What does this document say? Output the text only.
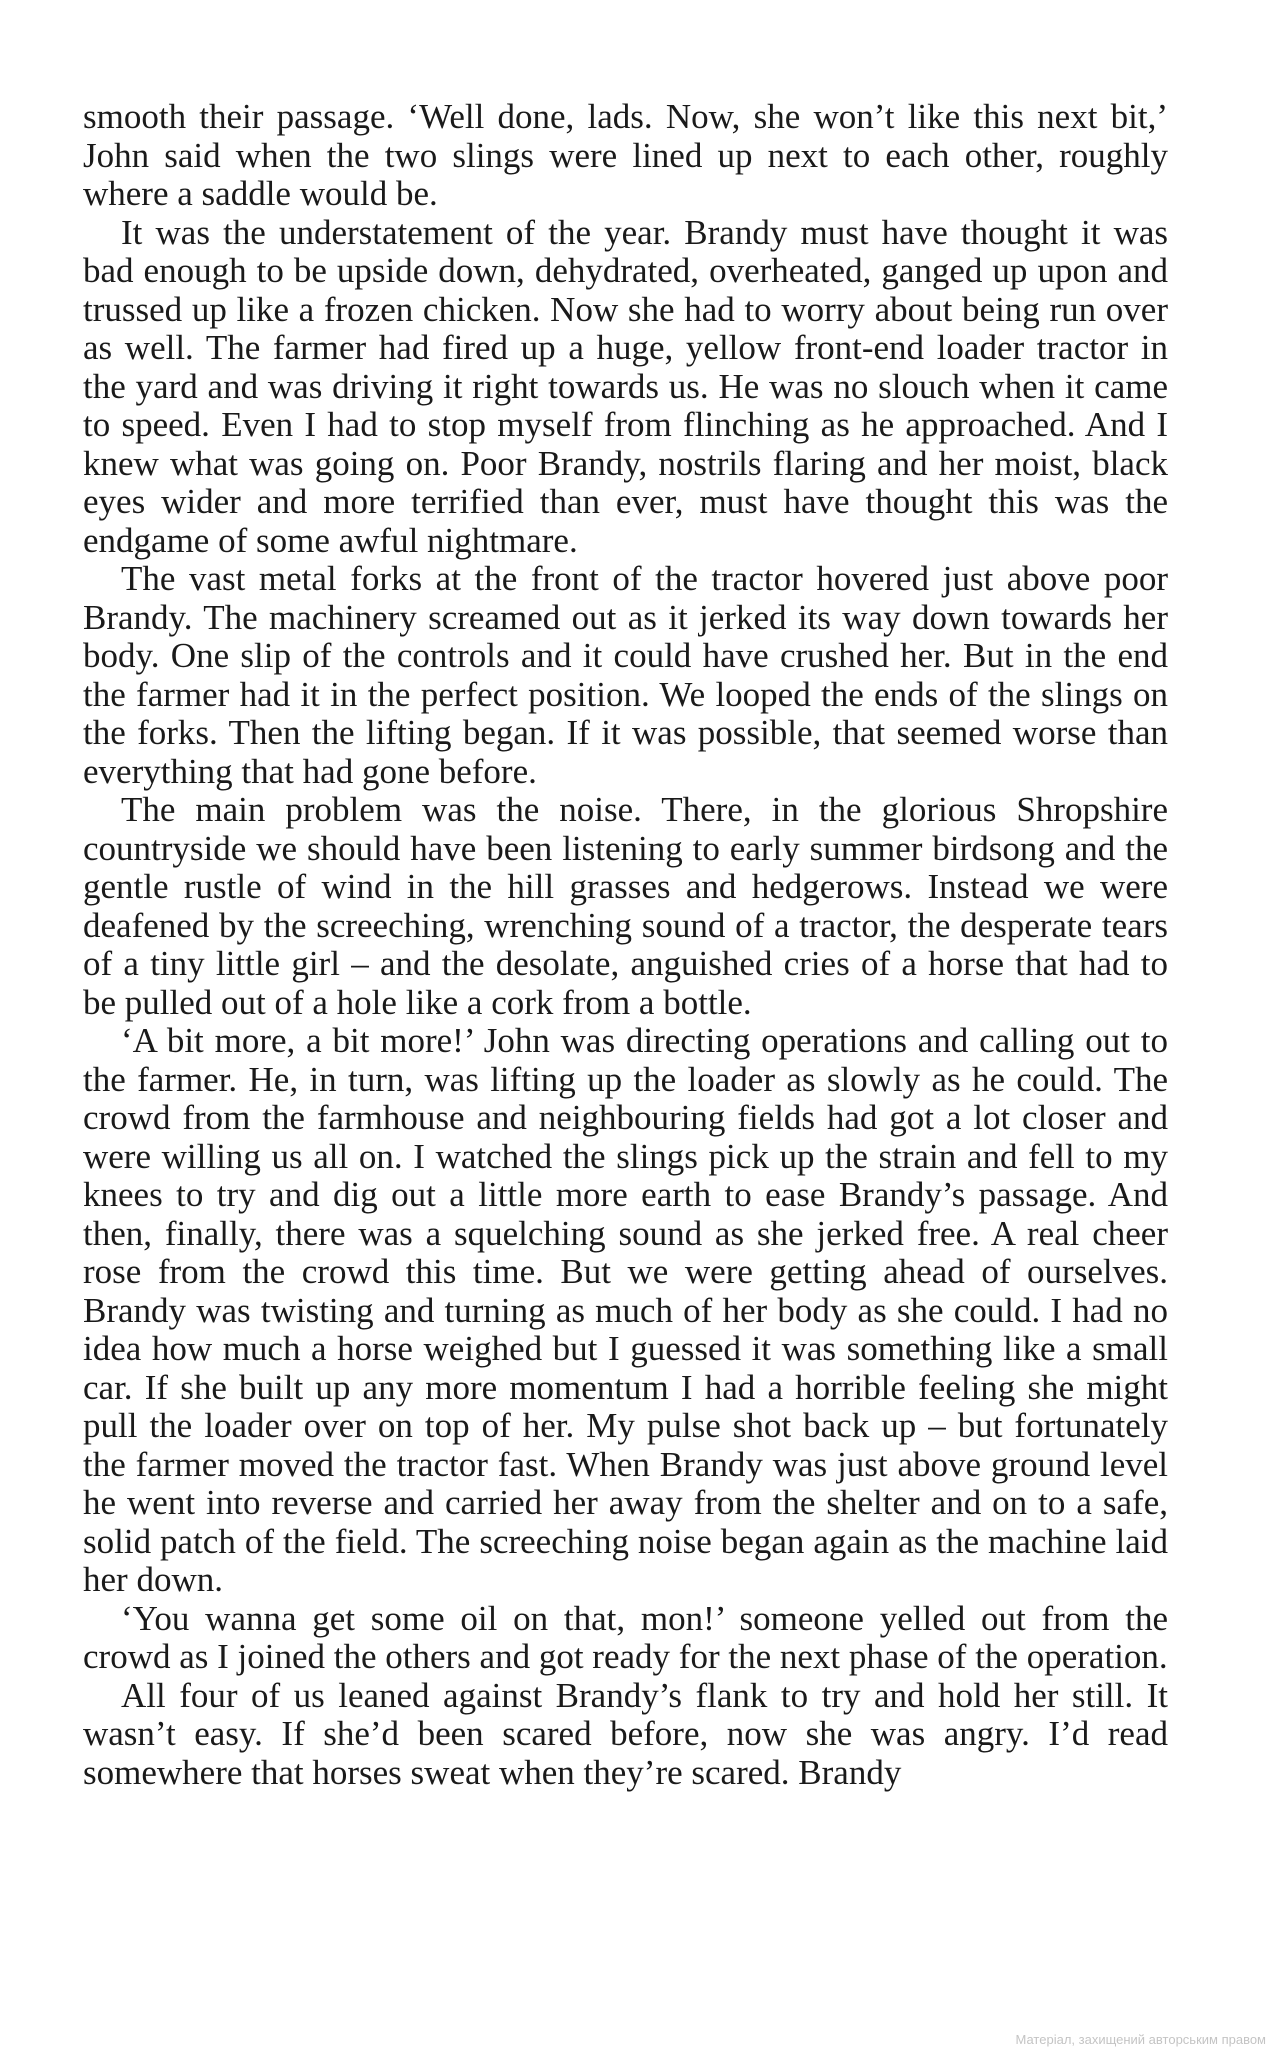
smooth their passage. ‘Well done, lads. Now, she won’t like this next bit,’ John said when the two slings were lined up next to each other, roughly where a saddle would be.

It was the understatement of the year. Brandy must have thought it was bad enough to be upside down, dehydrated, overheated, ganged up upon and trussed up like a frozen chicken. Now she had to worry about being run over as well. The farmer had fired up a huge, yellow front-end loader tractor in the yard and was driving it right towards us. He was no slouch when it came to speed. Even I had to stop myself from flinching as he approached. And I knew what was going on. Poor Brandy, nostrils flaring and her moist, black eyes wider and more terrified than ever, must have thought this was the endgame of some awful nightmare.

The vast metal forks at the front of the tractor hovered just above poor Brandy. The machinery screamed out as it jerked its way down towards her body. One slip of the controls and it could have crushed her. But in the end the farmer had it in the perfect position. We looped the ends of the slings on the forks. Then the lifting began. If it was possible, that seemed worse than everything that had gone before.

The main problem was the noise. There, in the glorious Shropshire countryside we should have been listening to early summer birdsong and the gentle rustle of wind in the hill grasses and hedgerows. Instead we were deafened by the screeching, wrenching sound of a tractor, the desperate tears of a tiny little girl – and the desolate, anguished cries of a horse that had to be pulled out of a hole like a cork from a bottle.

‘A bit more, a bit more!’ John was directing operations and calling out to the farmer. He, in turn, was lifting up the loader as slowly as he could. The crowd from the farmhouse and neighbouring fields had got a lot closer and were willing us all on. I watched the slings pick up the strain and fell to my knees to try and dig out a little more earth to ease Brandy’s passage. And then, finally, there was a squelching sound as she jerked free. A real cheer rose from the crowd this time. But we were getting ahead of ourselves. Brandy was twisting and turning as much of her body as she could. I had no idea how much a horse weighed but I guessed it was something like a small car. If she built up any more momentum I had a horrible feeling she might pull the loader over on top of her. My pulse shot back up – but fortunately the farmer moved the tractor fast. When Brandy was just above ground level he went into reverse and carried her away from the shelter and on to a safe, solid patch of the field. The screeching noise began again as the machine laid her down.

‘You wanna get some oil on that, mon!’ someone yelled out from the crowd as I joined the others and got ready for the next phase of the operation.

All four of us leaned against Brandy’s flank to try and hold her still. It wasn’t easy. If she’d been scared before, now she was angry. I’d read somewhere that horses sweat when they’re scared. Brandy

Матеріал, захищений авторським правом
